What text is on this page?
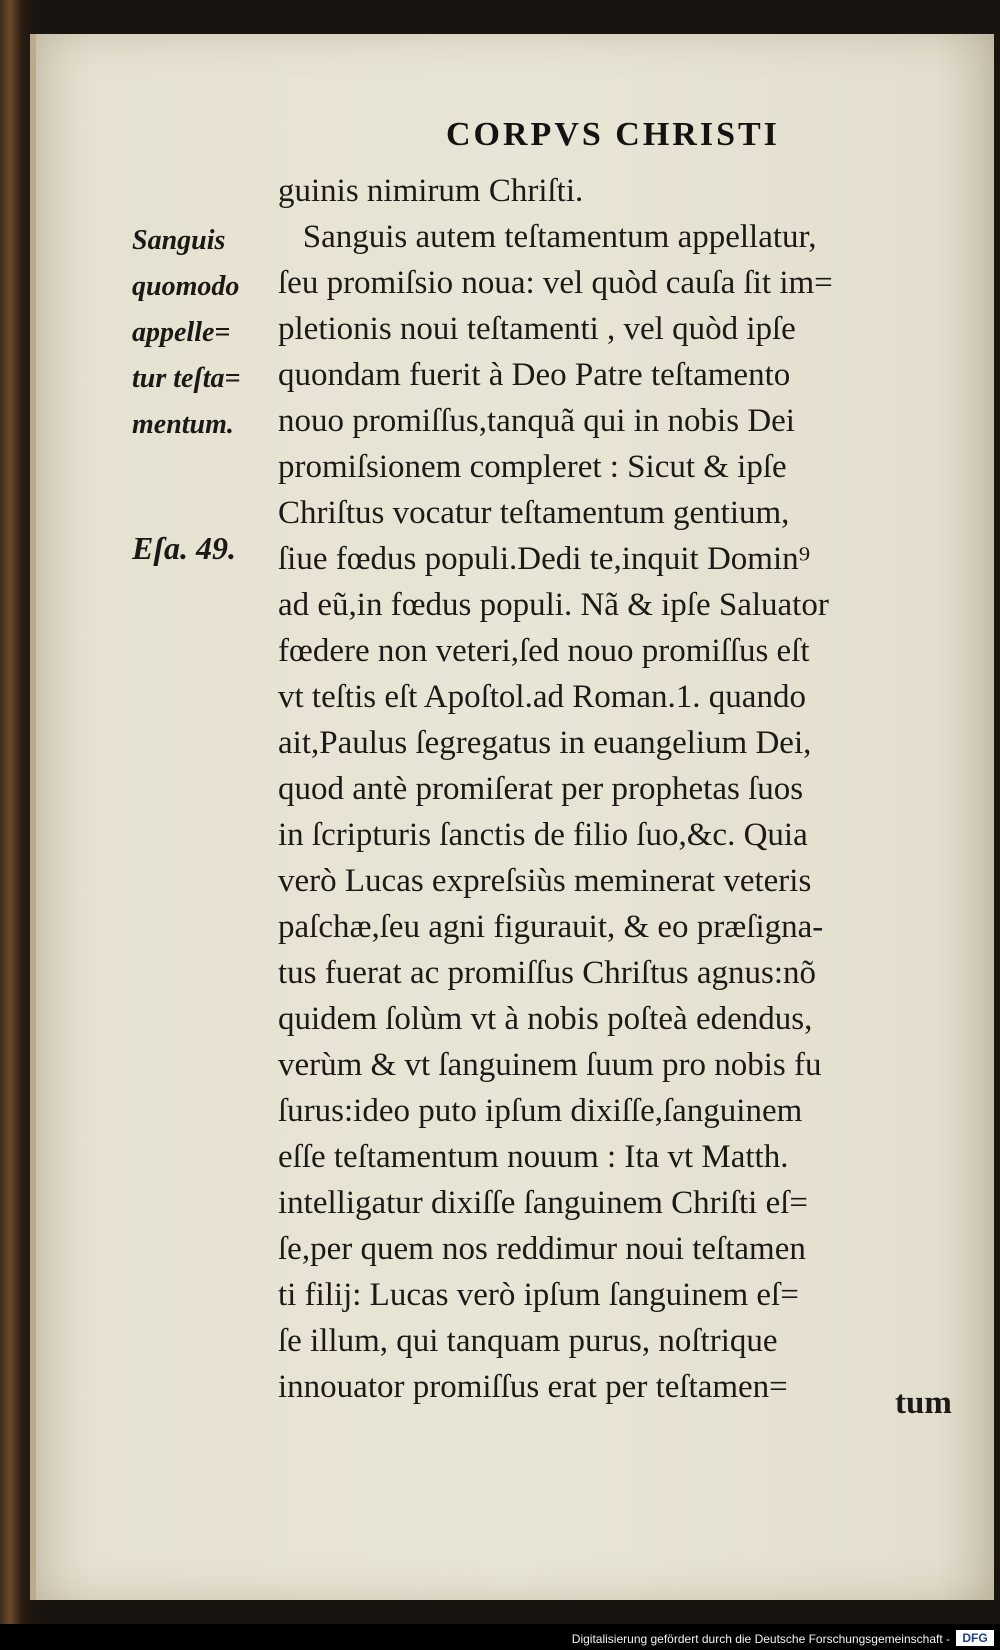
CORPVS CHRISTI
Sanguis
quomodo
appelle=
tur teſta=
mentum.
Eſa. 49.
guinis nimirum Chriſti.
Sanguis autem teſtamentum appellatur,
ſeu promiſsio noua: vel quòd cauſa ſit im=
pletionis noui teſtamenti , vel quòd ipſe
quondam fuerit à Deo Patre teſtamento
nouo promiſſus,tanquã qui in nobis Dei
promiſsionem compleret : Sicut & ipſe
Chriſtus vocatur teſtamentum gentium,
ſiue fœdus populi.Dedi te,inquit Domin⁹
ad eũ,in fœdus populi. Nã & ipſe Saluator
fœdere non veteri,ſed nouo promiſſus eſt
vt teſtis eſt Apoſtol.ad Roman.1. quando
ait,Paulus ſegregatus in euangelium Dei,
quod antè promiſerat per prophetas ſuos
in ſcripturis ſanctis de filio ſuo,&c. Quia
verò Lucas expreſsiùs meminerat veteris
paſchæ,ſeu agni figurauit, & eo præſigna-
tus fuerat ac promiſſus Chriſtus agnus:nõ
quidem ſolùm vt à nobis poſteà edendus,
verùm & vt ſanguinem ſuum pro nobis fu
ſurus:ideo puto ipſum dixiſſe,ſanguinem
eſſe teſtamentum nouum : Ita vt Matth.
intelligatur dixiſſe ſanguinem Chriſti eſ=
ſe,per quem nos reddimur noui teſtamen
ti filij: Lucas verò ipſum ſanguinem eſ=
ſe illum, qui tanquam purus, noſtrique
innouator promiſſus erat per teſtamen=	tum
Digitalisierung gefördert durch die Deutsche Forschungsgemeinschaft -	DFG
